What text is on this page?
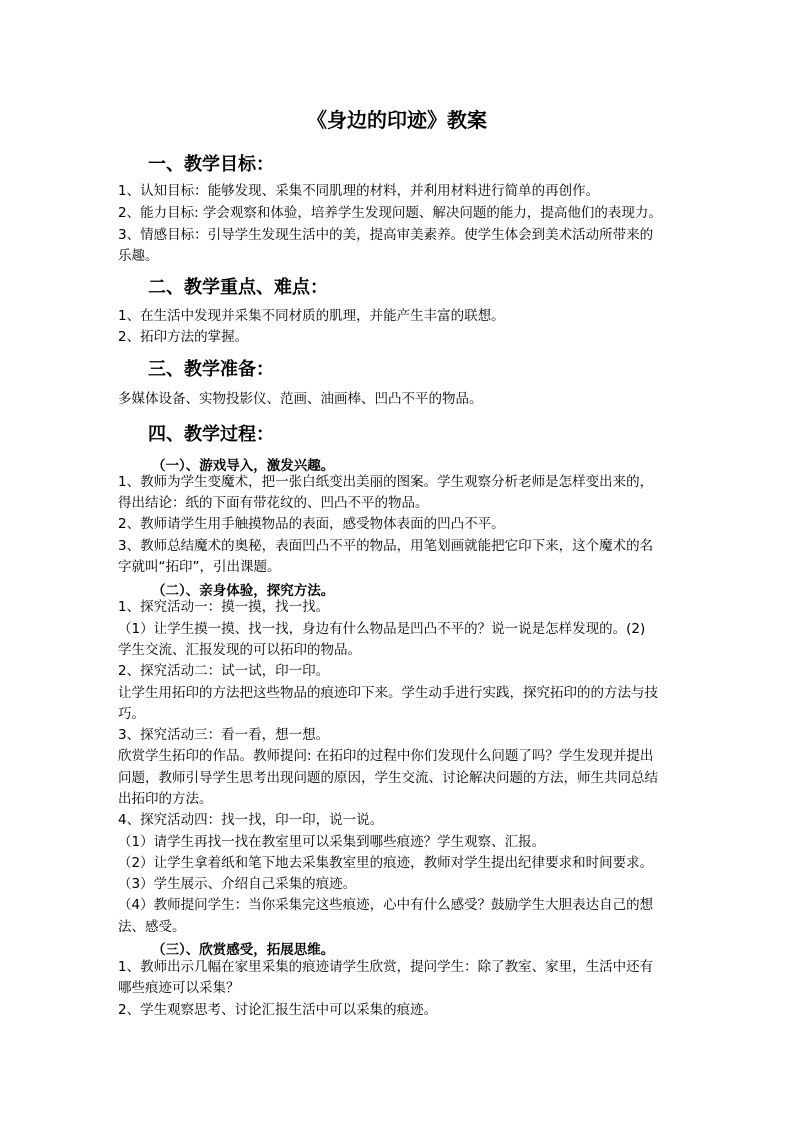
《身边的印迹》教案
一、教学目标：
1、认知目标：能够发现、采集不同肌理的材料，并利用材料进行简单的再创作。
2、能力目标: 学会观察和体验，培养学生发现问题、解决问题的能力，提高他们的表现力。
3、情感目标：引导学生发现生活中的美，提高审美素养。使学生体会到美术活动所带来的
乐趣。
二、教学重点、难点：
1、在生活中发现并采集不同材质的肌理，并能产生丰富的联想。
2、拓印方法的掌握。
三、教学准备：
多媒体设备、实物投影仪、范画、油画棒、凹凸不平的物品。
四、教学过程：
（一）、游戏导入，激发兴趣。
1、教师为学生变魔术，把一张白纸变出美丽的图案。学生观察分析老师是怎样变出来的，
得出结论：纸的下面有带花纹的、凹凸不平的物品。
2、教师请学生用手触摸物品的表面，感受物体表面的凹凸不平。
3、教师总结魔术的奥秘，表面凹凸不平的物品，用笔划画就能把它印下来，这个魔术的名
字就叫“拓印”，引出课题。
（二）、亲身体验，探究方法。
1、探究活动一：摸一摸，找一找。
（1）让学生摸一摸、找一找，身边有什么物品是凹凸不平的？说一说是怎样发现的。(2)
学生交流、汇报发现的可以拓印的物品。
2、探究活动二：试一试，印一印。
让学生用拓印的方法把这些物品的痕迹印下来。学生动手进行实践，探究拓印的的方法与技
巧。
3、探究活动三：看一看，想一想。
欣赏学生拓印的作品。教师提问: 在拓印的过程中你们发现什么问题了吗？学生发现并提出
问题，教师引导学生思考出现问题的原因，学生交流、讨论解决问题的方法，师生共同总结
出拓印的方法。
4、探究活动四：找一找，印一印，说一说。
（1）请学生再找一找在教室里可以采集到哪些痕迹？学生观察、汇报。
（2）让学生拿着纸和笔下地去采集教室里的痕迹，教师对学生提出纪律要求和时间要求。
（3）学生展示、介绍自己采集的痕迹。
（4）教师提问学生：当你采集完这些痕迹，心中有什么感受？鼓励学生大胆表达自己的想
法、感受。
（三）、欣赏感受，拓展思维。
1、教师出示几幅在家里采集的痕迹请学生欣赏，提问学生：除了教室、家里，生活中还有
哪些痕迹可以采集？
2、学生观察思考、讨论汇报生活中可以采集的痕迹。
